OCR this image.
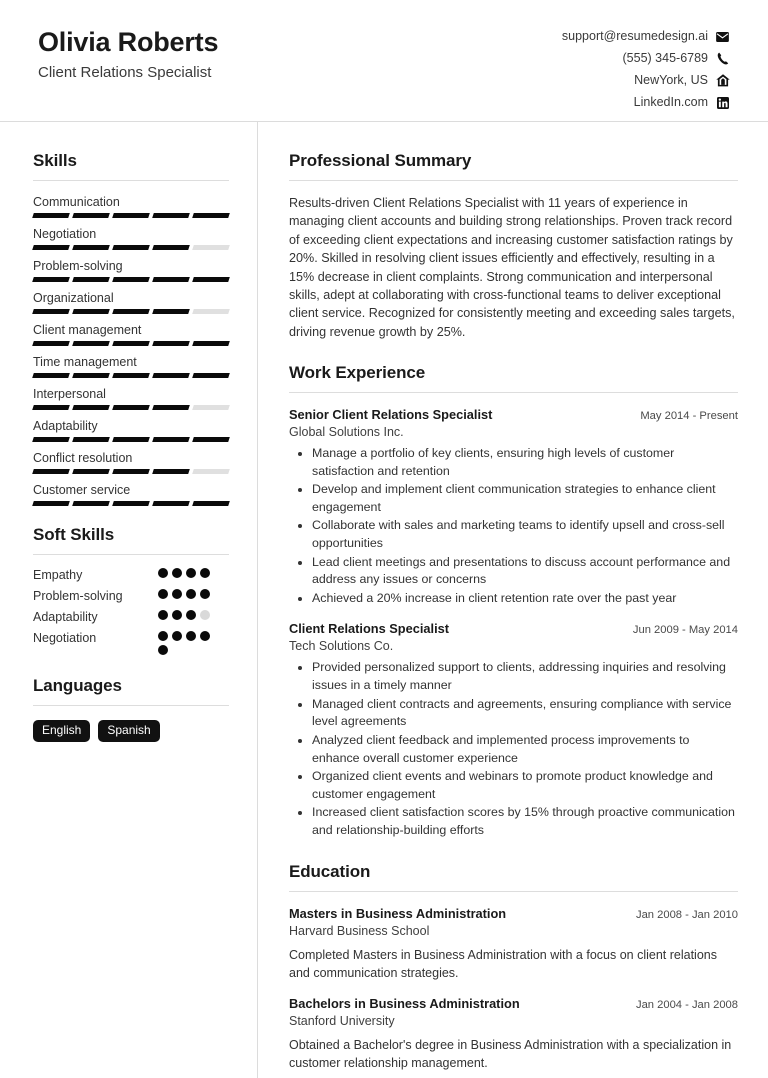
Olivia Roberts
Client Relations Specialist
support@resumedesign.ai
(555) 345-6789
NewYork, US
LinkedIn.com
Skills
Communication
Negotiation
Problem-solving
Organizational
Client management
Time management
Interpersonal
Adaptability
Conflict resolution
Customer service
Soft Skills
Empathy
Problem-solving
Adaptability
Negotiation
Languages
English	Spanish
Professional Summary

Results-driven Client Relations Specialist with 11 years of experience in managing client accounts and building strong relationships. Proven track record of exceeding client expectations and increasing customer satisfaction ratings by 20%. Skilled in resolving client issues efficiently and effectively, resulting in a 15% decrease in client complaints. Strong communication and interpersonal skills, adept at collaborating with cross-functional teams to deliver exceptional client service. Recognized for consistently meeting and exceeding sales targets, driving revenue growth by 25%.

Work Experience
Senior Client Relations Specialist	May 2014 - Present
Global Solutions Inc.
• Manage a portfolio of key clients, ensuring high levels of customer satisfaction and retention
• Develop and implement client communication strategies to enhance client engagement
• Collaborate with sales and marketing teams to identify upsell and cross-sell opportunities
• Lead client meetings and presentations to discuss account performance and address any issues or concerns
• Achieved a 20% increase in client retention rate over the past year
Client Relations Specialist	Jun 2009 - May 2014
Tech Solutions Co.
• Provided personalized support to clients, addressing inquiries and resolving issues in a timely manner
• Managed client contracts and agreements, ensuring compliance with service level agreements
• Analyzed client feedback and implemented process improvements to enhance overall customer experience
• Organized client events and webinars to promote product knowledge and customer engagement
• Increased client satisfaction scores by 15% through proactive communication and relationship-building efforts
Education
Masters in Business Administration	Jan 2008 - Jan 2010
Harvard Business School
Completed Masters in Business Administration with a focus on client relations and communication strategies.
Bachelors in Business Administration	Jan 2004 - Jan 2008
Stanford University
Obtained a Bachelor's degree in Business Administration with a specialization in customer relationship management.
